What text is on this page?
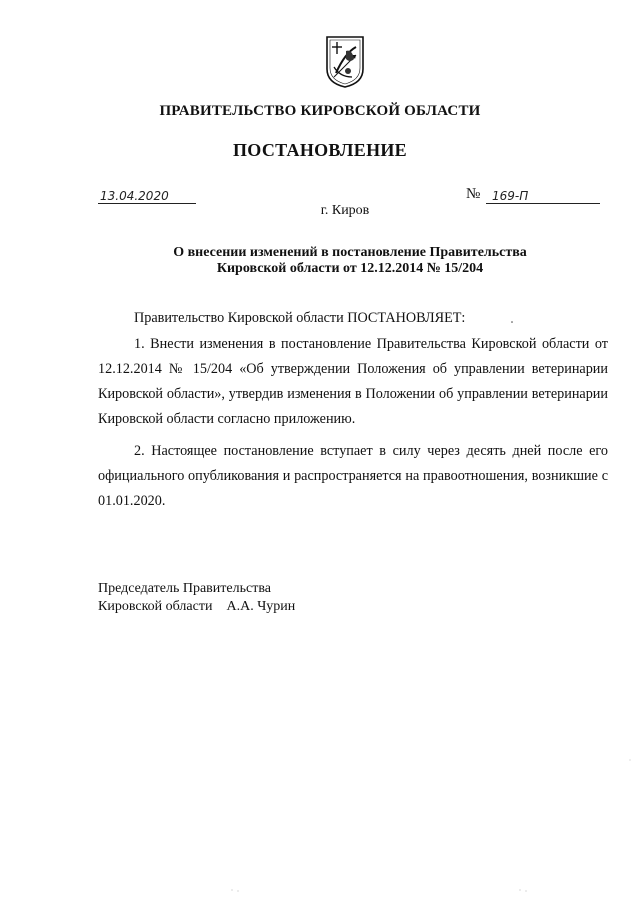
ПРАВИТЕЛЬСТВО КИРОВСКОЙ ОБЛАСТИ
ПОСТАНОВЛЕНИЕ
13.04.2020	№ 169-П
г. Киров
О внесении изменений в постановление Правительства
Кировской области от 12.12.2014 № 15/204

Правительство Кировской области ПОСТАНОВЛЯЕТ:

1. Внести изменения в постановление Правительства Кировской области от 12.12.2014 № 15/204 «Об утверждении Положения об управлении ветеринарии Кировской области», утвердив изменения в Положении об управлении ветеринарии Кировской области согласно приложению.

2. Настоящее постановление вступает в силу через десять дней после его официального опубликования и распространяется на правоотношения, возникшие с 01.01.2020.

Председатель Правительства
Кировской области А.А. Чурин
